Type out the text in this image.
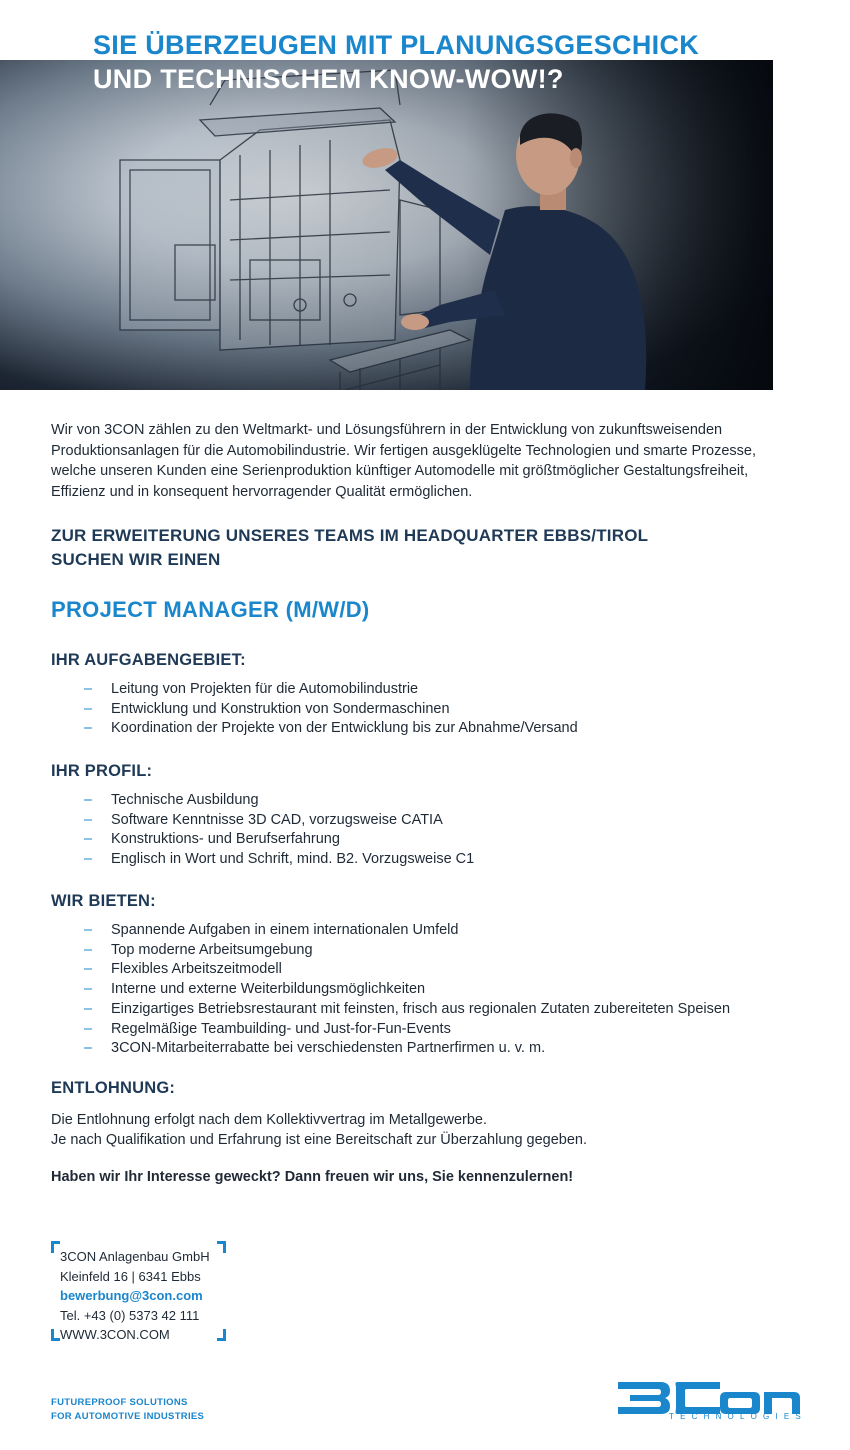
SIE ÜBERZEUGEN MIT PLANUNGSGESCHICK
UND TECHNISCHEM KNOW-WOW!?
Wir von 3CON zählen zu den Weltmarkt- und Lösungsführern in der Entwicklung von zukunftsweisenden Produktionsanlagen für die Automobilindustrie. Wir fertigen ausgeklügelte Technologien und smarte Prozesse, welche unseren Kunden eine Serienproduktion künftiger Automodelle mit größtmöglicher Gestaltungsfreiheit, Effizienz und in konsequent hervorragender Qualität ermöglichen.
ZUR ERWEITERUNG UNSERES TEAMS IM HEADQUARTER EBBS/TIROL
SUCHEN WIR EINEN
PROJECT MANAGER (M/W/D)
IHR AUFGABENGEBIET:
– Leitung von Projekten für die Automobilindustrie
– Entwicklung und Konstruktion von Sondermaschinen
– Koordination der Projekte von der Entwicklung bis zur Abnahme/Versand
IHR PROFIL:
– Technische Ausbildung
– Software Kenntnisse 3D CAD, vorzugsweise CATIA
– Konstruktions- und Berufserfahrung
– Englisch in Wort und Schrift, mind. B2. Vorzugsweise C1
WIR BIETEN:
– Spannende Aufgaben in einem internationalen Umfeld
– Top moderne Arbeitsumgebung
– Flexibles Arbeitszeitmodell
– Interne und externe Weiterbildungsmöglichkeiten
– Einzigartiges Betriebsrestaurant mit feinsten, frisch aus regionalen Zutaten zubereiteten Speisen
– Regelmäßige Teambuilding- und Just-for-Fun-Events
– 3CON-Mitarbeiterrabatte bei verschiedensten Partnerfirmen u. v. m.
ENTLOHNUNG:
Die Entlohnung erfolgt nach dem Kollektivvertrag im Metallgewerbe.
Je nach Qualifikation und Erfahrung ist eine Bereitschaft zur Überzahlung gegeben.
Haben wir Ihr Interesse geweckt? Dann freuen wir uns, Sie kennenzulernen!
3CON Anlagenbau GmbH
Kleinfeld 16 | 6341 Ebbs
bewerbung@3con.com
Tel. +43 (0) 5373 42 111
WWW.3CON.COM
FUTUREPROOF SOLUTIONS
FOR AUTOMOTIVE INDUSTRIES	TECHNOLOGIES
